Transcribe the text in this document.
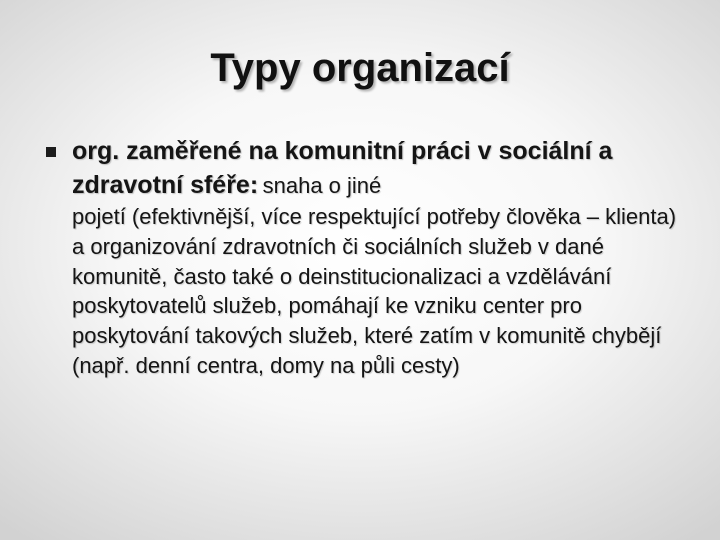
Typy organizací
org. zaměřené na komunitní práci v sociální a zdravotní sféře: snaha o jiné
pojetí (efektivnější, více respektující potřeby člověka – klienta) a organizování zdravotních či sociálních služeb v dané komunitě, často také o deinstitucionalizaci a vzdělávání poskytovatelů služeb, pomáhají ke vzniku center pro poskytování takových služeb, které zatím v komunitě chybějí (např. denní centra, domy na půli cesty)
